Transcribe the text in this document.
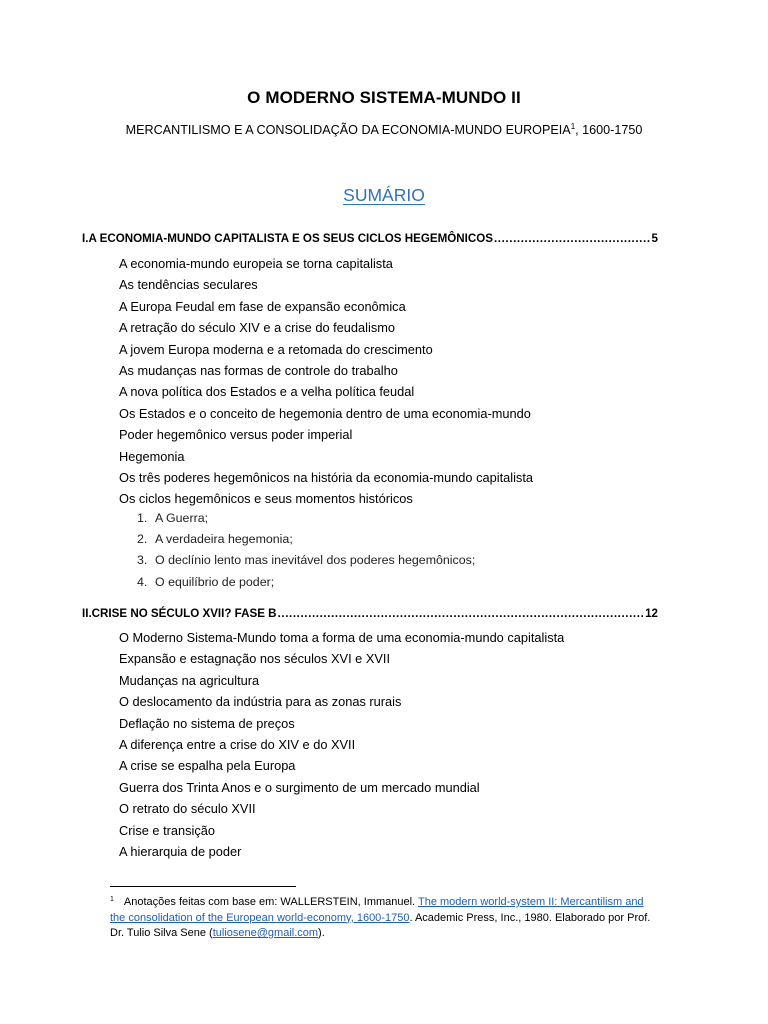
O MODERNO SISTEMA-MUNDO II
MERCANTILISMO E A CONSOLIDAÇÃO DA ECONOMIA-MUNDO EUROPEIA$^1$, 1600-1750
SUMÁRIO
I. A ECONOMIA-MUNDO CAPITALISTA E OS SEUS CICLOS HEGEMÔNICOS .....	5
A economia-mundo europeia se torna capitalista
As tendências seculares
A Europa Feudal em fase de expansão econômica
A retração do século XIV e a crise do feudalismo
A jovem Europa moderna e a retomada do crescimento
As mudanças nas formas de controle do trabalho
A nova política dos Estados e a velha política feudal
Os Estados e o conceito de hegemonia dentro de uma economia-mundo
Poder hegemônico versus poder imperial
Hegemonia
Os três poderes hegemônicos na história da economia-mundo capitalista
Os ciclos hegemônicos e seus momentos históricos
1. A Guerra;
2. A verdadeira hegemonia;
3. O declínio lento mas inevitável dos poderes hegemônicos;
4. O equilíbrio de poder;
II. CRISE NO SÉCULO XVII? FASE B .....	12
O Moderno Sistema-Mundo toma a forma de uma economia-mundo capitalista
Expansão e estagnação nos séculos XVI e XVII
Mudanças na agricultura
O deslocamento da indústria para as zonas rurais
Deflação no sistema de preços
A diferença entre a crise do XIV e do XVII
A crise se espalha pela Europa
Guerra dos Trinta Anos e o surgimento de um mercado mundial
O retrato do século XVII
Crise e transição
A hierarquia de poder
$^1$ Anotações feitas com base em: WALLERSTEIN, Immanuel. The modern world-system II: Mercantilism and the consolidation of the European world-economy, 1600-1750. Academic Press, Inc., 1980. Elaborado por Prof. Dr. Tulio Silva Sene (tuliosene@gmail.com).
